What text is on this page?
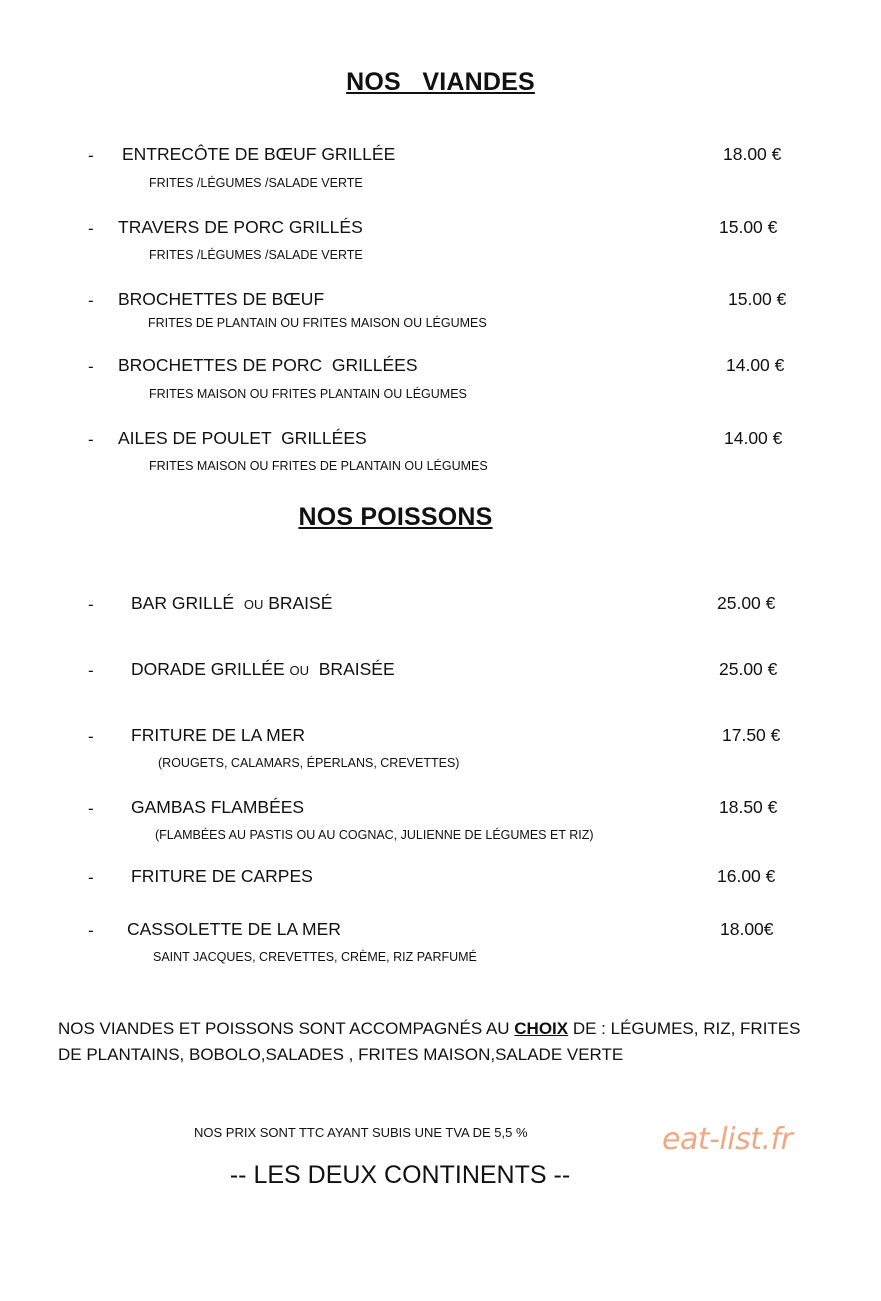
NOS   VIANDES
- ENTRECÔTE DE BŒUF GRILLÉE	18.00 €
FRITES /LÉGUMES /SALADE VERTE
- TRAVERS DE PORC GRILLÉS	15.00 €
FRITES /LÉGUMES /SALADE VERTE
- BROCHETTES DE BŒUF	15.00 €
FRITES DE PLANTAIN OU FRITES MAISON OU LÉGUMES
- BROCHETTES DE PORC  GRILLÉES	14.00 €
FRITES MAISON OU FRITES PLANTAIN OU LÉGUMES
- AILES DE POULET  GRILLÉES	14.00 €
FRITES MAISON OU FRITES DE PLANTAIN OU LÉGUMES
NOS POISSONS
- BAR GRILLÉ  OU BRAISÉ	25.00 €
- DORADE GRILLÉE OU  BRAISÉE	25.00 €
- FRITURE DE LA MER	17.50 €
(ROUGETS, CALAMARS, ÉPERLANS, CREVETTES)
- GAMBAS FLAMBÉES	18.50 €
(FLAMBÉES AU PASTIS OU AU COGNAC, JULIENNE DE LÉGUMES ET RIZ)
- FRITURE DE CARPES	16.00 €
- CASSOLETTE DE LA MER	18.00€
SAINT JACQUES, CREVETTES, CRÈME, RIZ PARFUMÉ
NOS VIANDES ET POISSONS SONT ACCOMPAGNÉS AU CHOIX DE : LÉGUMES, RIZ, FRITES DE PLANTAINS, BOBOLO,SALADES , FRITES MAISON,SALADE VERTE
NOS PRIX SONT TTC AYANT SUBIS UNE TVA DE 5,5 %	eat-list.fr
-- LES DEUX CONTINENTS --
